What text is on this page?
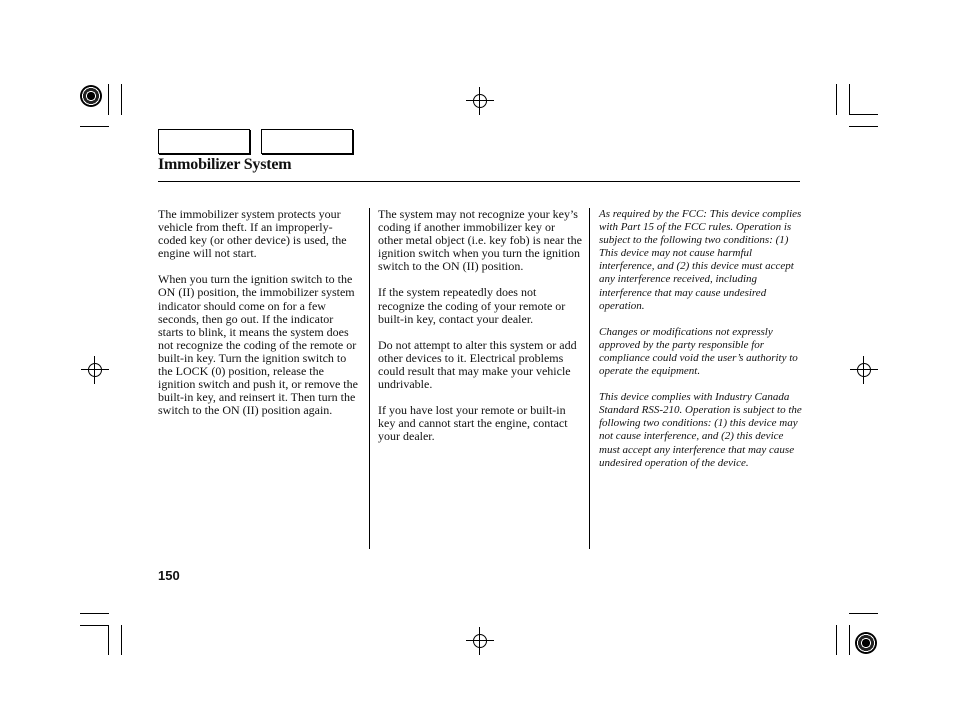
Immobilizer System

The immobilizer system protects your vehicle from theft. If an improperly-coded key (or other device) is used, the engine will not start.

When you turn the ignition switch to the ON (II) position, the immobilizer system indicator should come on for a few seconds, then go out. If the indicator starts to blink, it means the system does not recognize the coding of the remote or built-in key. Turn the ignition switch to the LOCK (0) position, release the ignition switch and push it, or remove the built-in key, and reinsert it. Then turn the switch to the ON (II) position again.

The system may not recognize your key’s coding if another immobilizer key or other metal object (i.e. key fob) is near the ignition switch when you turn the ignition switch to the ON (II) position.

If the system repeatedly does not recognize the coding of your remote or built-in key, contact your dealer.

Do not attempt to alter this system or add other devices to it. Electrical problems could result that may make your vehicle undrivable.

If you have lost your remote or built-in key and cannot start the engine, contact your dealer.

As required by the FCC: This device complies with Part 15 of the FCC rules. Operation is subject to the following two conditions: (1) This device may not cause harmful interference, and (2) this device must accept any interference received, including interference that may cause undesired operation.

Changes or modifications not expressly approved by the party responsible for compliance could void the user’s authority to operate the equipment.

This device complies with Industry Canada Standard RSS-210. Operation is subject to the following two conditions: (1) this device may not cause interference, and (2) this device must accept any interference that may cause undesired operation of the device.

150
